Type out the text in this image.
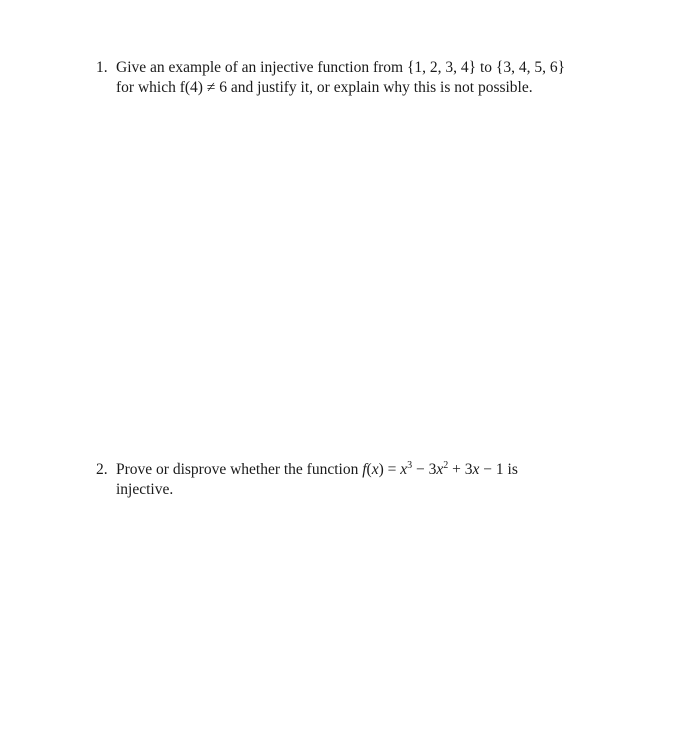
1. Give an example of an injective function from {1, 2, 3, 4} to {3, 4, 5, 6}
for which f(4) ≠ 6 and justify it, or explain why this is not possible.
2. Prove or disprove whether the function $f(x) = x^3 - 3x^2 + 3x - 1$ is
injective.
